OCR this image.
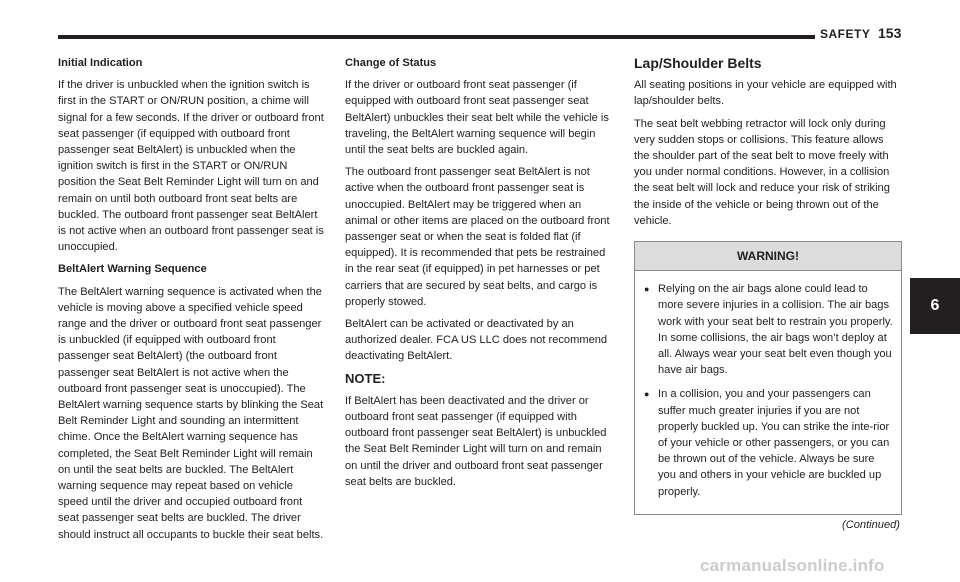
SAFETY 153
6

Initial Indication

If the driver is unbuckled when the ignition switch is first in the START or ON/RUN position, a chime will signal for a few seconds. If the driver or outboard front seat passenger (if equipped with outboard front passenger seat BeltAlert) is unbuckled when the ignition switch is first in the START or ON/RUN position the Seat Belt Reminder Light will turn on and remain on until both outboard front seat belts are buckled. The outboard front passenger seat BeltAlert is not active when an outboard front passenger seat is unoccupied.

BeltAlert Warning Sequence

The BeltAlert warning sequence is activated when the vehicle is moving above a specified vehicle speed range and the driver or outboard front seat passenger is unbuckled (if equipped with outboard front passenger seat BeltAlert) (the outboard front passenger seat BeltAlert is not active when the outboard front passenger seat is unoccupied). The BeltAlert warning sequence starts by blinking the Seat Belt Reminder Light and sounding an intermittent chime. Once the BeltAlert warning sequence has completed, the Seat Belt Reminder Light will remain on until the seat belts are buckled. The BeltAlert warning sequence may repeat based on vehicle speed until the driver and occupied outboard front seat passenger seat belts are buckled. The driver should instruct all occupants to buckle their seat belts.

Change of Status

If the driver or outboard front seat passenger (if equipped with outboard front seat passenger seat BeltAlert) unbuckles their seat belt while the vehicle is traveling, the BeltAlert warning sequence will begin until the seat belts are buckled again.

The outboard front passenger seat BeltAlert is not active when the outboard front passenger seat is unoccupied. BeltAlert may be triggered when an animal or other items are placed on the outboard front passenger seat or when the seat is folded flat (if equipped). It is recommended that pets be restrained in the rear seat (if equipped) in pet harnesses or pet carriers that are secured by seat belts, and cargo is properly stowed.

BeltAlert can be activated or deactivated by an authorized dealer. FCA US LLC does not recommend deactivating BeltAlert.

NOTE:

If BeltAlert has been deactivated and the driver or outboard front seat passenger (if equipped with outboard front passenger seat BeltAlert) is unbuckled the Seat Belt Reminder Light will turn on and remain on until the driver and outboard front seat passenger seat belts are buckled.

Lap/Shoulder Belts

All seating positions in your vehicle are equipped with lap/shoulder belts.

The seat belt webbing retractor will lock only during very sudden stops or collisions. This feature allows the shoulder part of the seat belt to move freely with you under normal conditions. However, in a collision the seat belt will lock and reduce your risk of striking the inside of the vehicle or being thrown out of the vehicle.

WARNING!
● Relying on the air bags alone could lead to more severe injuries in a collision. The air bags work with your seat belt to restrain you properly. In some collisions, the air bags won’t deploy at all. Always wear your seat belt even though you have air bags.
● In a collision, you and your passengers can suffer much greater injuries if you are not properly buckled up. You can strike the inte-rior of your vehicle or other passengers, or you can be thrown out of the vehicle. Always be sure you and others in your vehicle are buckled up properly.
(Continued)
carmanualsonline.info
